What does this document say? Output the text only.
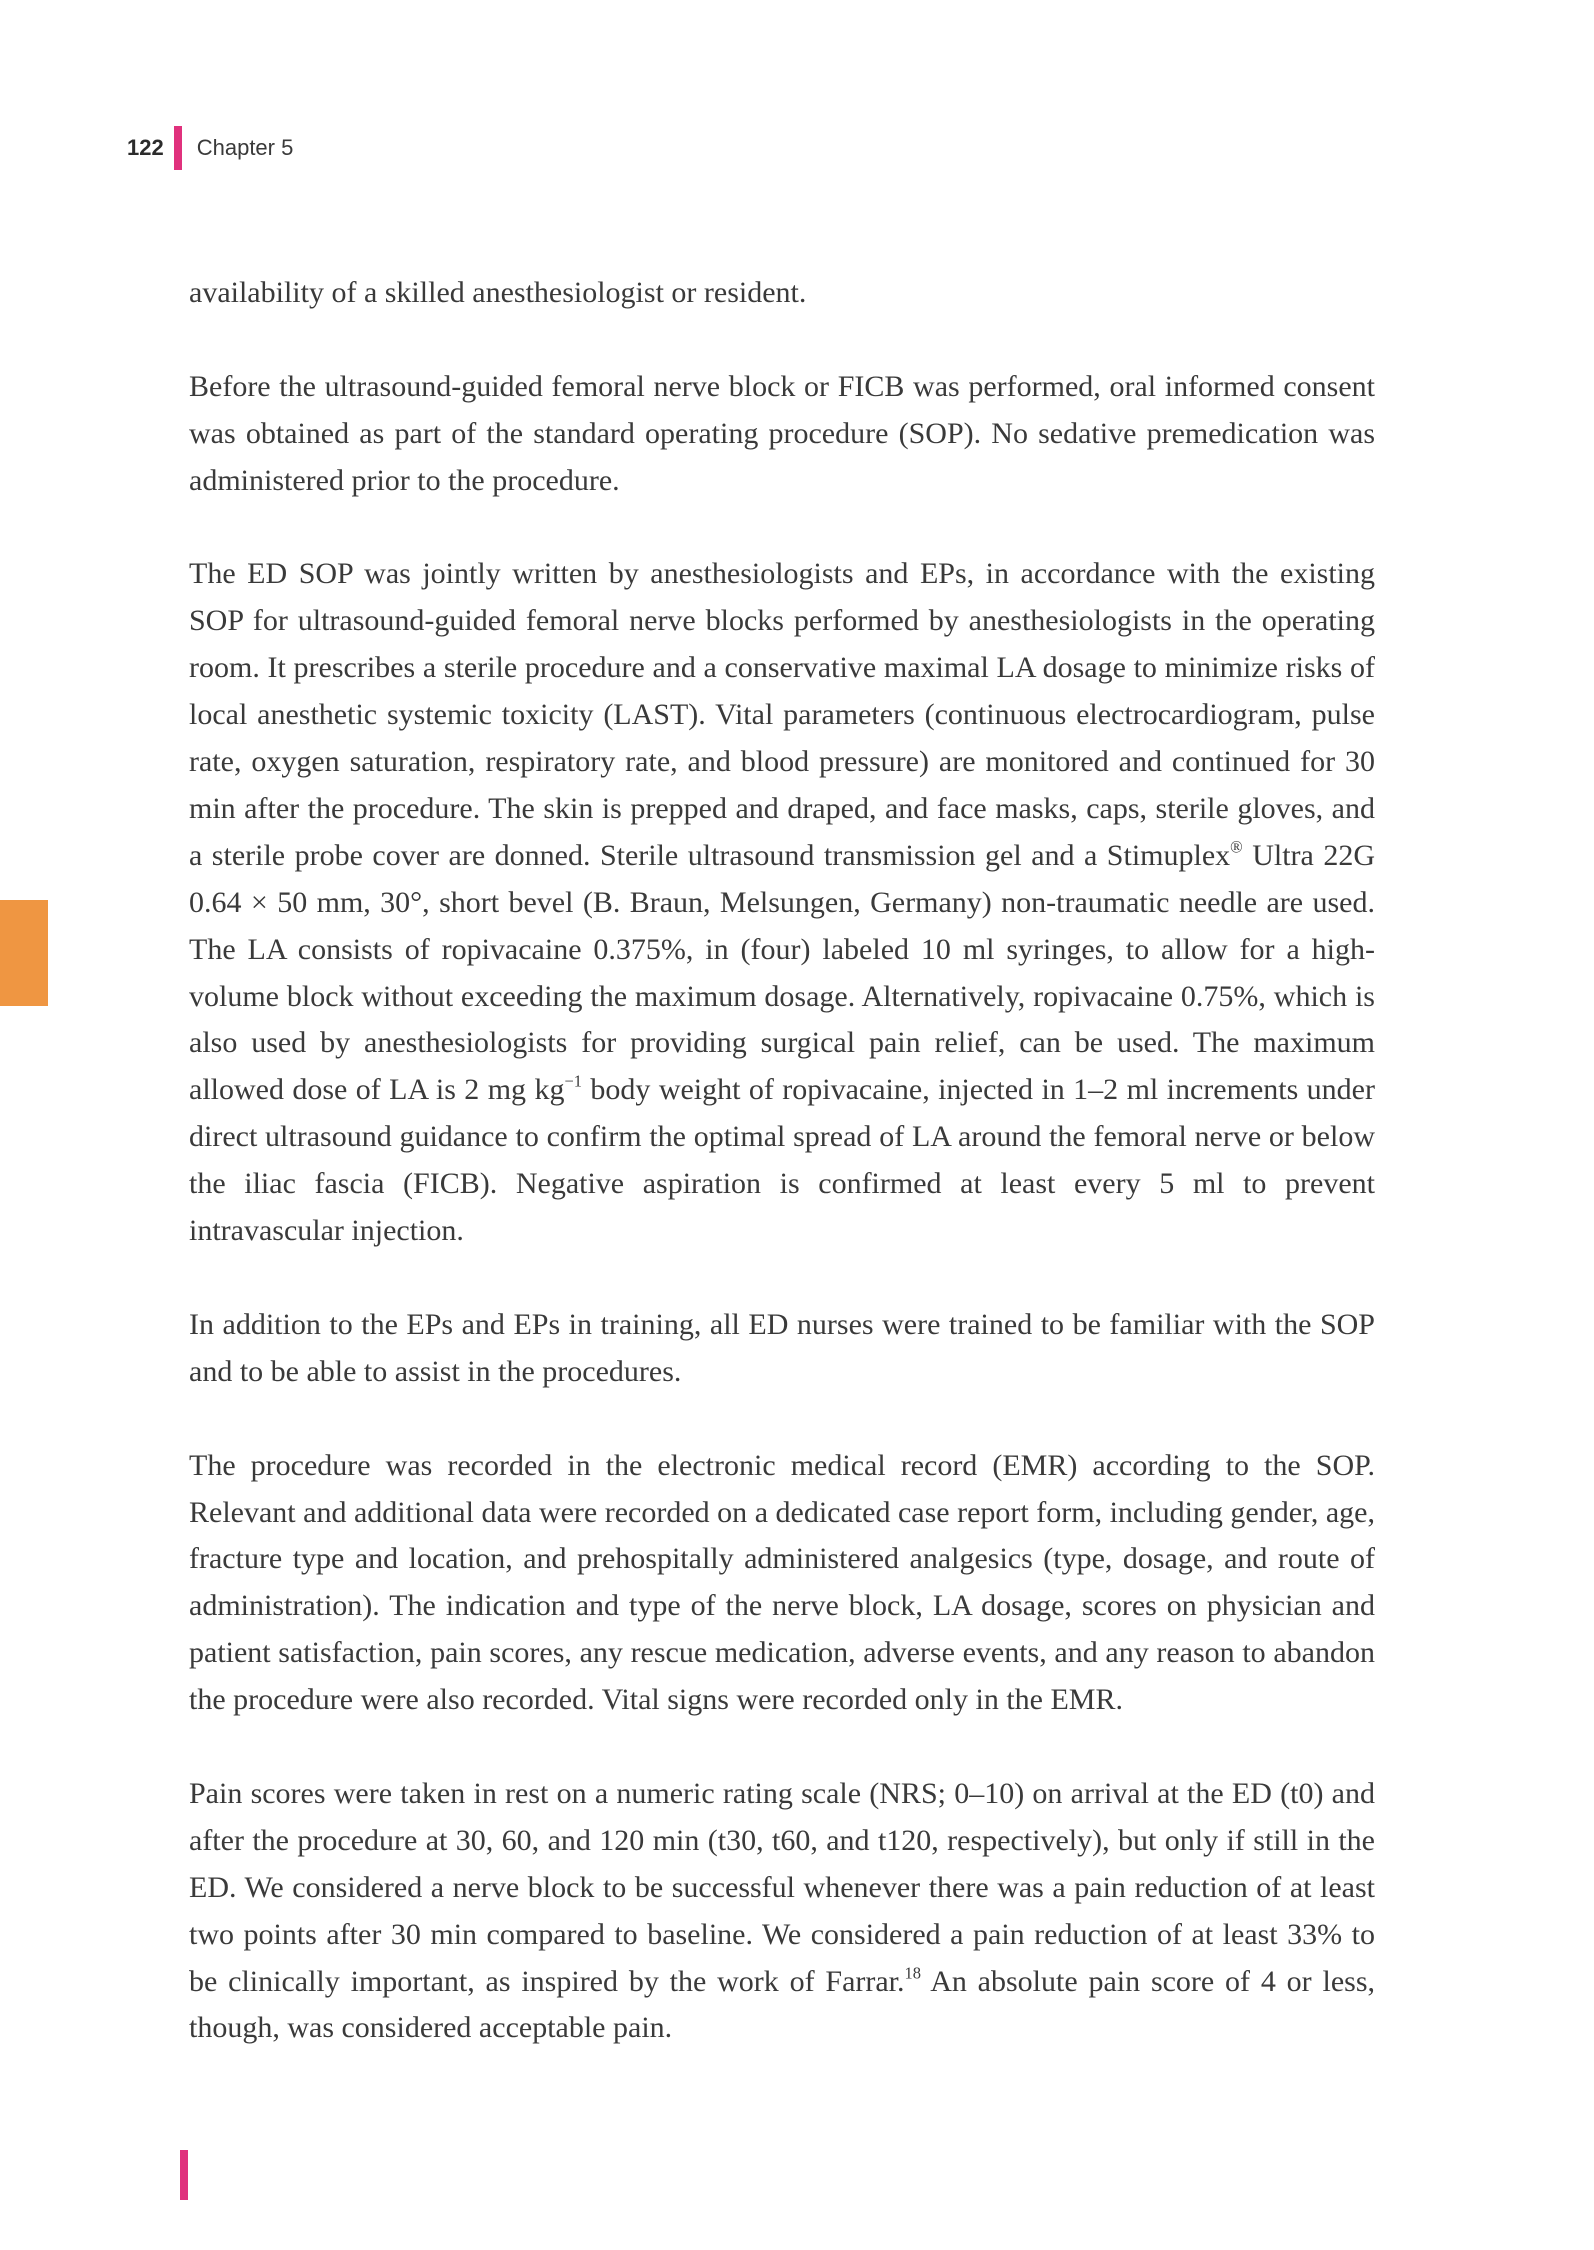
122 Chapter 5

availability of a skilled anesthesiologist or resident.

Before the ultrasound-guided femoral nerve block or FICB was performed, oral informed consent was obtained as part of the standard operating procedure (SOP). No sedative premedication was administered prior to the procedure.

The ED SOP was jointly written by anesthesiologists and EPs, in accordance with the existing SOP for ultrasound-guided femoral nerve blocks performed by anesthesiologists in the operating room. It prescribes a sterile procedure and a conservative maximal LA dosage to minimize risks of local anesthetic systemic toxicity (LAST). Vital parameters (continuous electrocardiogram, pulse rate, oxygen saturation, respiratory rate, and blood pressure) are monitored and continued for 30 min after the procedure. The skin is prepped and draped, and face masks, caps, sterile gloves, and a sterile probe cover are donned. Sterile ultrasound transmission gel and a Stimuplex® Ultra 22G 0.64 × 50 mm, 30°, short bevel (B. Braun, Melsungen, Germany) non-traumatic needle are used. The LA consists of ropivacaine 0.375%, in (four) labeled 10 ml syringes, to allow for a high-volume block without exceeding the maximum dosage. Alternatively, ropivacaine 0.75%, which is also used by anesthesiologists for providing surgical pain relief, can be used. The maximum allowed dose of LA is 2 mg $kg^{-1}$ body weight of ropivacaine, injected in 1–2 ml increments under direct ultrasound guidance to confirm the optimal spread of LA around the femoral nerve or below the iliac fascia (FICB). Negative aspiration is confirmed at least every 5 ml to prevent intravascular injection.

In addition to the EPs and EPs in training, all ED nurses were trained to be familiar with the SOP and to be able to assist in the procedures.

The procedure was recorded in the electronic medical record (EMR) according to the SOP. Relevant and additional data were recorded on a dedicated case report form, including gender, age, fracture type and location, and prehospitally administered analgesics (type, dosage, and route of administration). The indication and type of the nerve block, LA dosage, scores on physician and patient satisfaction, pain scores, any rescue medication, adverse events, and any reason to abandon the procedure were also recorded. Vital signs were recorded only in the EMR.

Pain scores were taken in rest on a numeric rating scale (NRS; 0–10) on arrival at the ED (t0) and after the procedure at 30, 60, and 120 min (t30, t60, and t120, respectively), but only if still in the ED. We considered a nerve block to be successful whenever there was a pain reduction of at least two points after 30 min compared to baseline. We considered a pain reduction of at least 33% to be clinically important, as inspired by the work of Farrar.$^{18}$ An absolute pain score of 4 or less, though, was considered acceptable pain.
